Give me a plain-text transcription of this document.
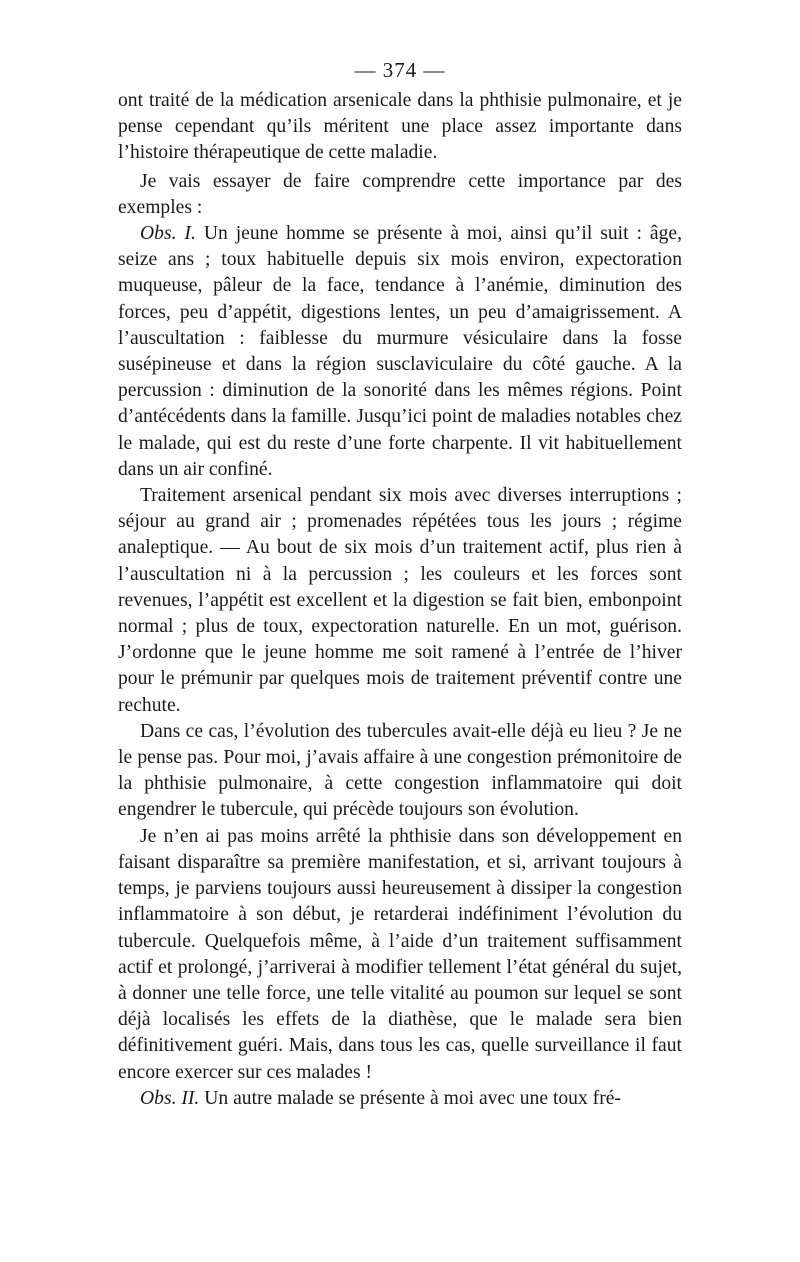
— 374 —

ont traité de la médication arsenicale dans la phthisie pulmonaire, et je pense cependant qu’ils méritent une place assez importante dans l’histoire thérapeutique de cette maladie.

Je vais essayer de faire comprendre cette importance par des exemples :

Obs. I. Un jeune homme se présente à moi, ainsi qu’il suit : âge, seize ans ; toux habituelle depuis six mois environ, expectoration muqueuse, pâleur de la face, tendance à l’anémie, diminution des forces, peu d’appétit, digestions lentes, un peu d’amaigrissement. A l’auscultation : faiblesse du murmure vésiculaire dans la fosse susépineuse et dans la région susclaviculaire du côté gauche. A la percussion : diminution de la sonorité dans les mêmes régions. Point d’antécédents dans la famille. Jusqu’ici point de maladies notables chez le malade, qui est du reste d’une forte charpente. Il vit habituellement dans un air confiné.

Traitement arsenical pendant six mois avec diverses interruptions ; séjour au grand air ; promenades répétées tous les jours ; régime analeptique. — Au bout de six mois d’un traitement actif, plus rien à l’auscultation ni à la percussion ; les couleurs et les forces sont revenues, l’appétit est excellent et la digestion se fait bien, embonpoint normal ; plus de toux, expectoration naturelle. En un mot, guérison. J’ordonne que le jeune homme me soit ramené à l’entrée de l’hiver pour le prémunir par quelques mois de traitement préventif contre une rechute.

Dans ce cas, l’évolution des tubercules avait-elle déjà eu lieu ? Je ne le pense pas. Pour moi, j’avais affaire à une congestion prémonitoire de la phthisie pulmonaire, à cette congestion inflammatoire qui doit engendrer le tubercule, qui précède toujours son évolution.

Je n’en ai pas moins arrêté la phthisie dans son développement en faisant disparaître sa première manifestation, et si, arrivant toujours à temps, je parviens toujours aussi heureusement à dissiper la congestion inflammatoire à son début, je retarderai indéfiniment l’évolution du tubercule. Quelquefois même, à l’aide d’un traitement suffisamment actif et prolongé, j’arriverai à modifier tellement l’état général du sujet, à donner une telle force, une telle vitalité au poumon sur lequel se sont déjà localisés les effets de la diathèse, que le malade sera bien définitivement guéri. Mais, dans tous les cas, quelle surveillance il faut encore exercer sur ces malades !

Obs. II. Un autre malade se présente à moi avec une toux fré-
